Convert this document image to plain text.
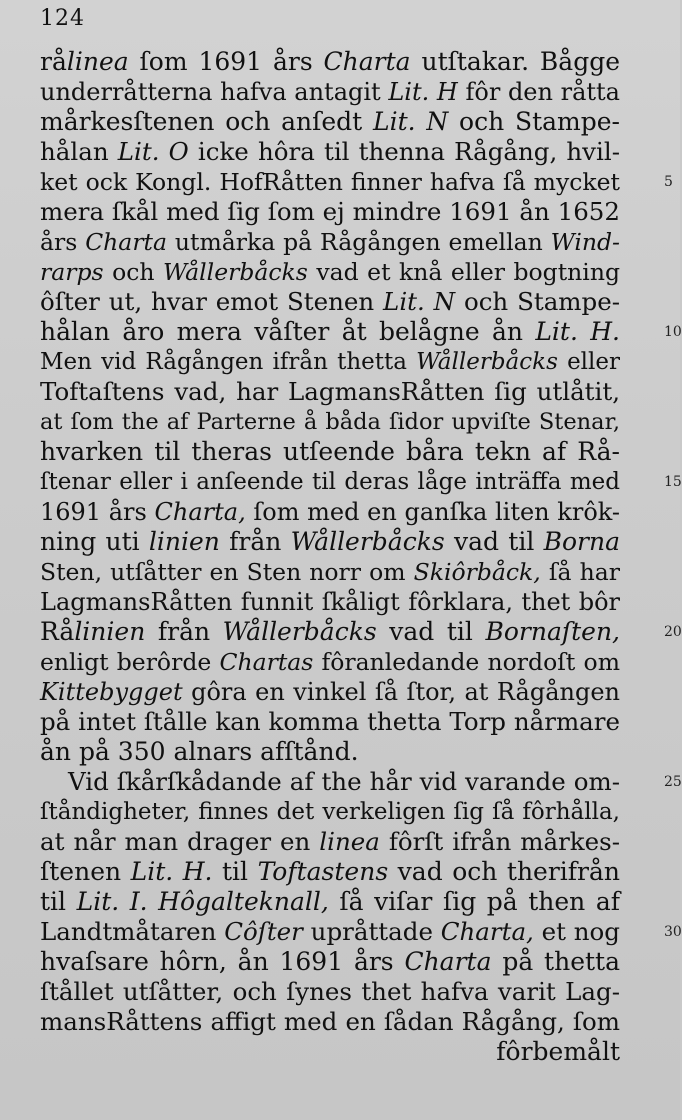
124
rålinea ſom 1691 års Charta utſtakar. Bågge
underråtterna hafva antagit Lit. H fôr den råtta
mårkesſtenen och anſedt Lit. N och Stampe-
hålan Lit. O icke hôra til thenna Rågång, hvil-
ket ock Kongl. HofRåtten finner hafva ſå mycket	5
mera ſkål med ſig ſom ej mindre 1691 ån 1652
års Charta utmårka på Rågången emellan Wind-
rarps och Wållerbåcks vad et knå eller bogtning
ôſter ut, hvar emot Stenen Lit. N och Stampe-
hålan åro mera våſter åt belågne ån Lit. H.	10
Men vid Rågången ifrån thetta Wållerbåcks eller
Toftaſtens vad, har LagmansRåtten ſig utlåtit,
at ſom the af Parterne å båda ſidor upviſte Stenar,
hvarken til theras utſeende båra tekn af Rå-
ſtenar eller i anſeende til deras låge inträffa med	15
1691 års Charta, ſom med en ganſka liten krôk-
ning uti linien från Wållerbåcks vad til Borna
Sten, utſåtter en Sten norr om Skiôrbåck, ſå har
LagmansRåtten funnit ſkåligt fôrklara, thet bôr
Rålinien från Wållerbåcks vad til Bornaſten,	20
enligt berôrde Chartas fôranledande nordoſt om
Kittebygget gôra en vinkel ſå ſtor, at Rågången
på intet ſtålle kan komma thetta Torp nårmare
ån på 350 alnars afſtånd.
Vid ſkårſkådande af the hår vid varande om-	25
ſtåndigheter, finnes det verkeligen ſig ſå fôrhålla,
at når man drager en linea fôrſt ifrån mårkes-
ſtenen Lit. H. til Toftastens vad och therifrån
til Lit. I. Hôgalteknall, ſå viſar ſig på then af
Landtmåtaren Côſter upråttade Charta, et nog	30
hvaſsare hôrn, ån 1691 års Charta på thetta
ſtållet utſåtter, och ſynes thet hafva varit Lag-
mansRåttens affigt med en ſådan Rågång, ſom
fôrbemålt
